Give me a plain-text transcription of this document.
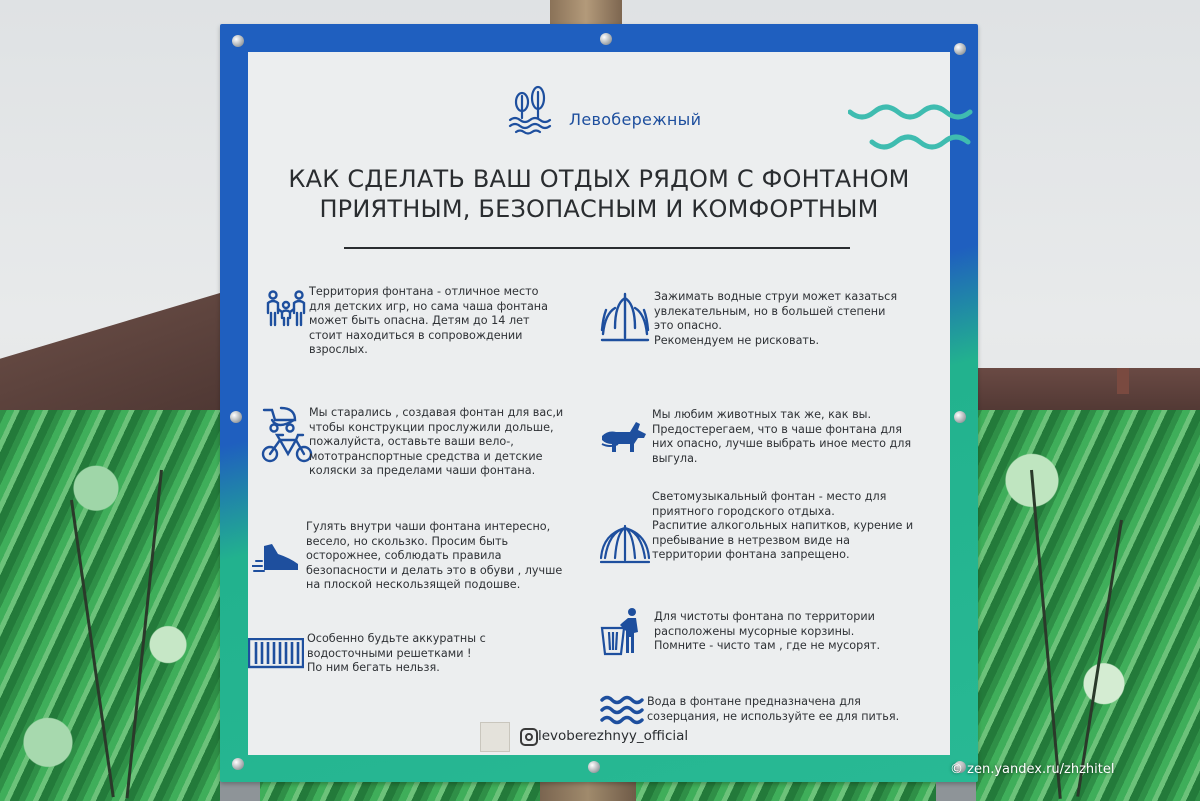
Левобережный
КАК СДЕЛАТЬ ВАШ ОТДЫХ РЯДОМ С ФОНТАНОМ
ПРИЯТНЫМ, БЕЗОПАСНЫМ И КОМФОРТНЫМ
Территория фонтана - отличное место
для детских игр, но сама чаша фонтана
может быть опасна. Детям до 14 лет
стоит находиться в сопровождении
взрослых.
Мы старались , создавая фонтан для вас,и
чтобы конструкции прослужили дольше,
пожалуйста, оставьте ваши вело-,
мототранспортные средства и детские
коляски за пределами чаши фонтана.
Гулять внутри чаши фонтана интересно,
весело, но скользко. Просим быть
осторожнее, соблюдать правила
безопасности и делать это в обуви , лучше
на плоской нескользящей подошве.
Особенно будьте аккуратны с
водосточными решетками !
По ним бегать нельзя.
Зажимать водные струи может казаться
увлекательным, но в большей степени
это опасно.
Рекомендуем не рисковать.
Мы любим животных так же, как вы.
Предостерегаем, что в чаше фонтана для
них опасно, лучше выбрать иное место для
выгула.
Светомузыкальный фонтан - место для
приятного городского отдыха.
Распитие алкогольных напитков, курение и
пребывание в нетрезвом виде на
территории фонтана запрещено.
Для чистоты фонтана по территории
расположены мусорные корзины.
Помните - чисто там , где не мусорят.
Вода в фонтане предназначена для
созерцания, не используйте ее для питья.
levoberezhnyy_official
© zen.yandex.ru/zhzhitel
